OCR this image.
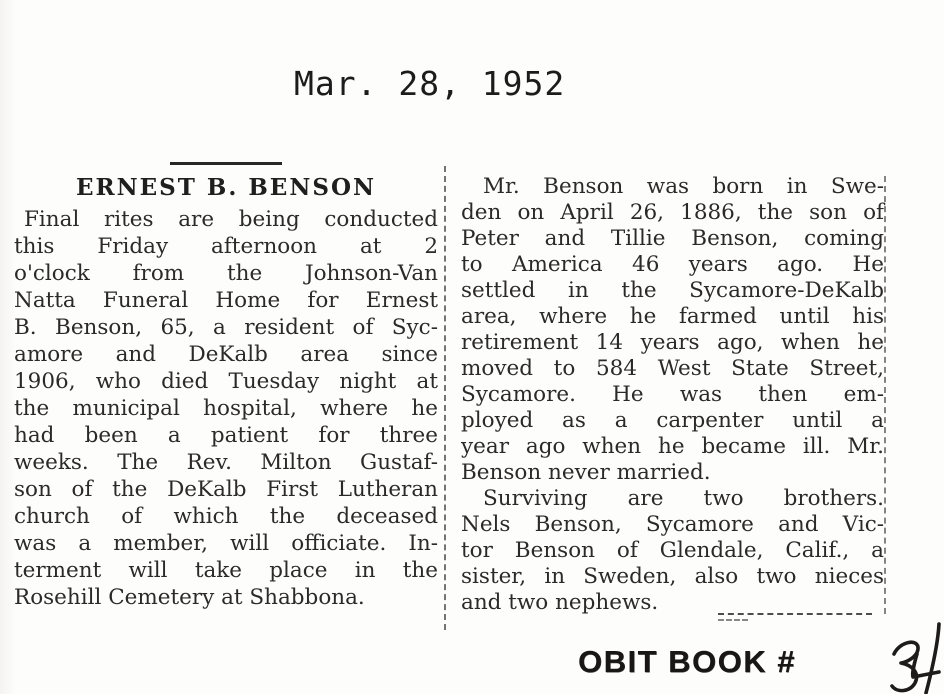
Mar. 28, 1952
ERNEST B. BENSON
Final rites are being conducted
this Friday afternoon at 2
o'clock from the Johnson-Van
Natta Funeral Home for Ernest
B. Benson, 65, a resident of Syc-
amore and DeKalb area since
1906, who died Tuesday night at
the municipal hospital, where he
had been a patient for three
weeks. The Rev. Milton Gustaf-
son of the DeKalb First Lutheran
church of which the deceased
was a member, will officiate. In-
terment will take place in the
Rosehill Cemetery at Shabbona.
Mr. Benson was born in Swe-
den on April 26, 1886, the son of
Peter and Tillie Benson, coming
to America 46 years ago. He
settled in the Sycamore-DeKalb
area, where he farmed until his
retirement 14 years ago, when he
moved to 584 West State Street,
Sycamore. He was then em-
ployed as a carpenter until a
year ago when he became ill. Mr.
Benson never married.
Surviving are two brothers.
Nels Benson, Sycamore and Vic-
tor Benson of Glendale, Calif., a
sister, in Sweden, also two nieces
and two nephews.
OBIT BOOK #
